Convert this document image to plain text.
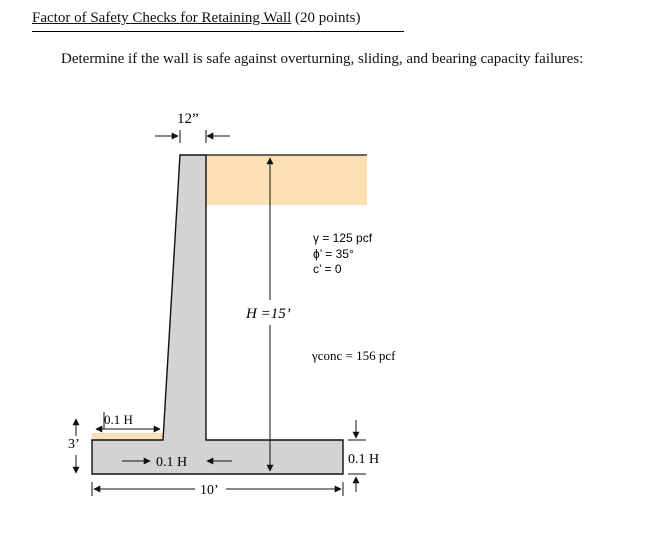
Factor of Safety Checks for Retaining Wall (20 points)
Determine if the wall is safe against overturning, sliding, and bearing capacity failures:
12”
H =15’
γ = 125 pcf
ϕ’ = 35°
c’ = 0
γconc = 156 pcf
0.1 H
3’
0.1 H	0.1 H
10’
